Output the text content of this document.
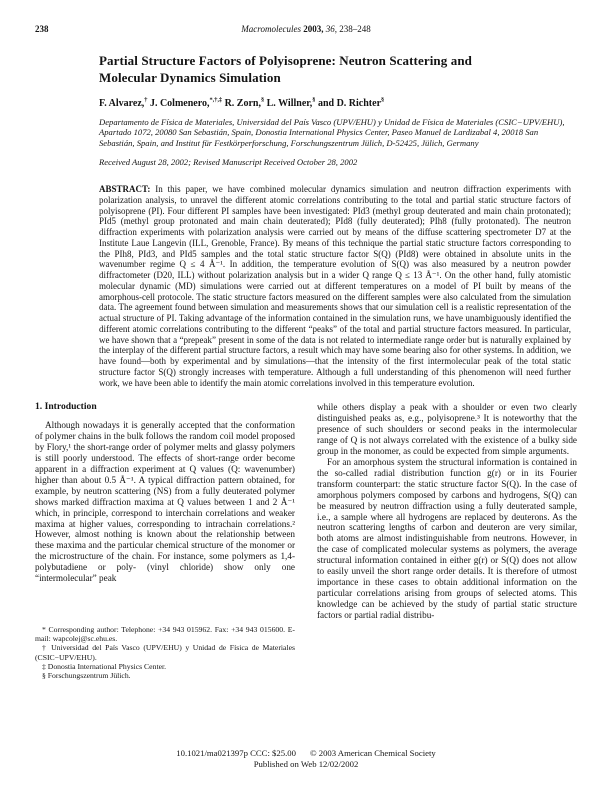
238	Macromolecules 2003, 36, 238–248
Partial Structure Factors of Polyisoprene: Neutron Scattering and
Molecular Dynamics Simulation
F. Alvarez,† J. Colmenero,*,†,‡ R. Zorn,§ L. Willner,§ and D. Richter§
Departamento de Física de Materiales, Universidad del País Vasco (UPV/EHU) y Unidad de Física de Materiales (CSIC−UPV/EHU), Apartado 1072, 20080 San Sebastián, Spain, Donostia International Physics Center, Paseo Manuel de Lardizabal 4, 20018 San Sebastián, Spain, and Institut für Festkörperforschung, Forschungszentrum Jülich, D-52425, Jülich, Germany
Received August 28, 2002; Revised Manuscript Received October 28, 2002
ABSTRACT: In this paper, we have combined molecular dynamics simulation and neutron diffraction experiments with polarization analysis, to unravel the different atomic correlations contributing to the total and partial static structure factors of polyisoprene (PI). Four different PI samples have been investigated: PId3 (methyl group deuterated and main chain protonated); PId5 (methyl group protonated and main chain deuterated); PId8 (fully deuterated); PIh8 (fully protonated). The neutron diffraction experiments with polarization analysis were carried out by means of the diffuse scattering spectrometer D7 at the Institute Laue Langevin (ILL, Grenoble, France). By means of this technique the partial static structure factors corresponding to the PIh8, PId3, and PId5 samples and the total static structure factor S(Q) (PId8) were obtained in absolute units in the wavenumber regime Q ≤ 4 Å⁻¹. In addition, the temperature evolution of S(Q) was also measured by a neutron powder diffractometer (D20, ILL) without polarization analysis but in a wider Q range Q ≤ 13 Å⁻¹. On the other hand, fully atomistic molecular dynamic (MD) simulations were carried out at different temperatures on a model of PI built by means of the amorphous-cell protocole. The static structure factors measured on the different samples were also calculated from the simulation data. The agreement found between simulation and measurements shows that our simulation cell is a realistic representation of the actual structure of PI. Taking advantage of the information contained in the simulation runs, we have unambiguously identified the different atomic correlations contributing to the different “peaks” of the total and partial structure factors measured. In particular, we have shown that a “prepeak” present in some of the data is not related to intermediate range order but is naturally explained by the interplay of the different partial structure factors, a result which may have some bearing also for other systems. In addition, we have found—both by experimental and by simulations—that the intensity of the first intermolecular peak of the total static structure factor S(Q) strongly increases with temperature. Although a full understanding of this phenomenon will need further work, we have been able to identify the main atomic correlations involved in this temperature evolution.

1. Introduction

Although nowadays it is generally accepted that the conformation of polymer chains in the bulk follows the random coil model proposed by Flory,¹ the short-range order of polymer melts and glassy polymers is still poorly understood. The effects of short-range order become apparent in a diffraction experiment at Q values (Q: wavenumber) higher than about 0.5 Å⁻¹. A typical diffraction pattern obtained, for example, by neutron scattering (NS) from a fully deuterated polymer shows marked diffraction maxima at Q values between 1 and 2 Å⁻¹ which, in principle, correspond to interchain correlations and weaker maxima at higher values, corresponding to intrachain correlations.² However, almost nothing is known about the relationship between these maxima and the particular chemical structure of the monomer or the microstructure of the chain. For instance, some polymers as 1,4-polybutadiene or poly- (vinyl chloride) show only one “intermolecular” peak

* Corresponding author: Telephone: +34 943 015962. Fax: +34 943 015600. E-mail: wapcolej@sc.ehu.es.

† Universidad del País Vasco (UPV/EHU) y Unidad de Física de Materiales (CSIC−UPV/EHU).

‡ Donostia International Physics Center.

§ Forschungszentrum Jülich.

while others display a peak with a shoulder or even two clearly distinguished peaks as, e.g., polyisoprene.³ It is noteworthy that the presence of such shoulders or second peaks in the intermolecular range of Q is not always correlated with the existence of a bulky side group in the monomer, as could be expected from simple arguments.

For an amorphous system the structural information is contained in the so-called radial distribution function g(r) or in its Fourier transform counterpart: the static structure factor S(Q). In the case of amorphous polymers composed by carbons and hydrogens, S(Q) can be measured by neutron diffraction using a fully deuterated sample, i.e., a sample where all hydrogens are replaced by deuterons. As the neutron scattering lengths of carbon and deuteron are very similar, both atoms are almost indistinguishable from neutrons. However, in the case of complicated molecular systems as polymers, the average structural information contained in either g(r) or S(Q) does not allow to easily unveil the short range order details. It is therefore of utmost importance in these cases to obtain additional information on the particular correlations arising from groups of selected atoms. This knowledge can be achieved by the study of partial static structure factors or partial radial distribu-

10.1021/ma021397p CCC: $25.00 © 2003 American Chemical Society
Published on Web 12/02/2002
